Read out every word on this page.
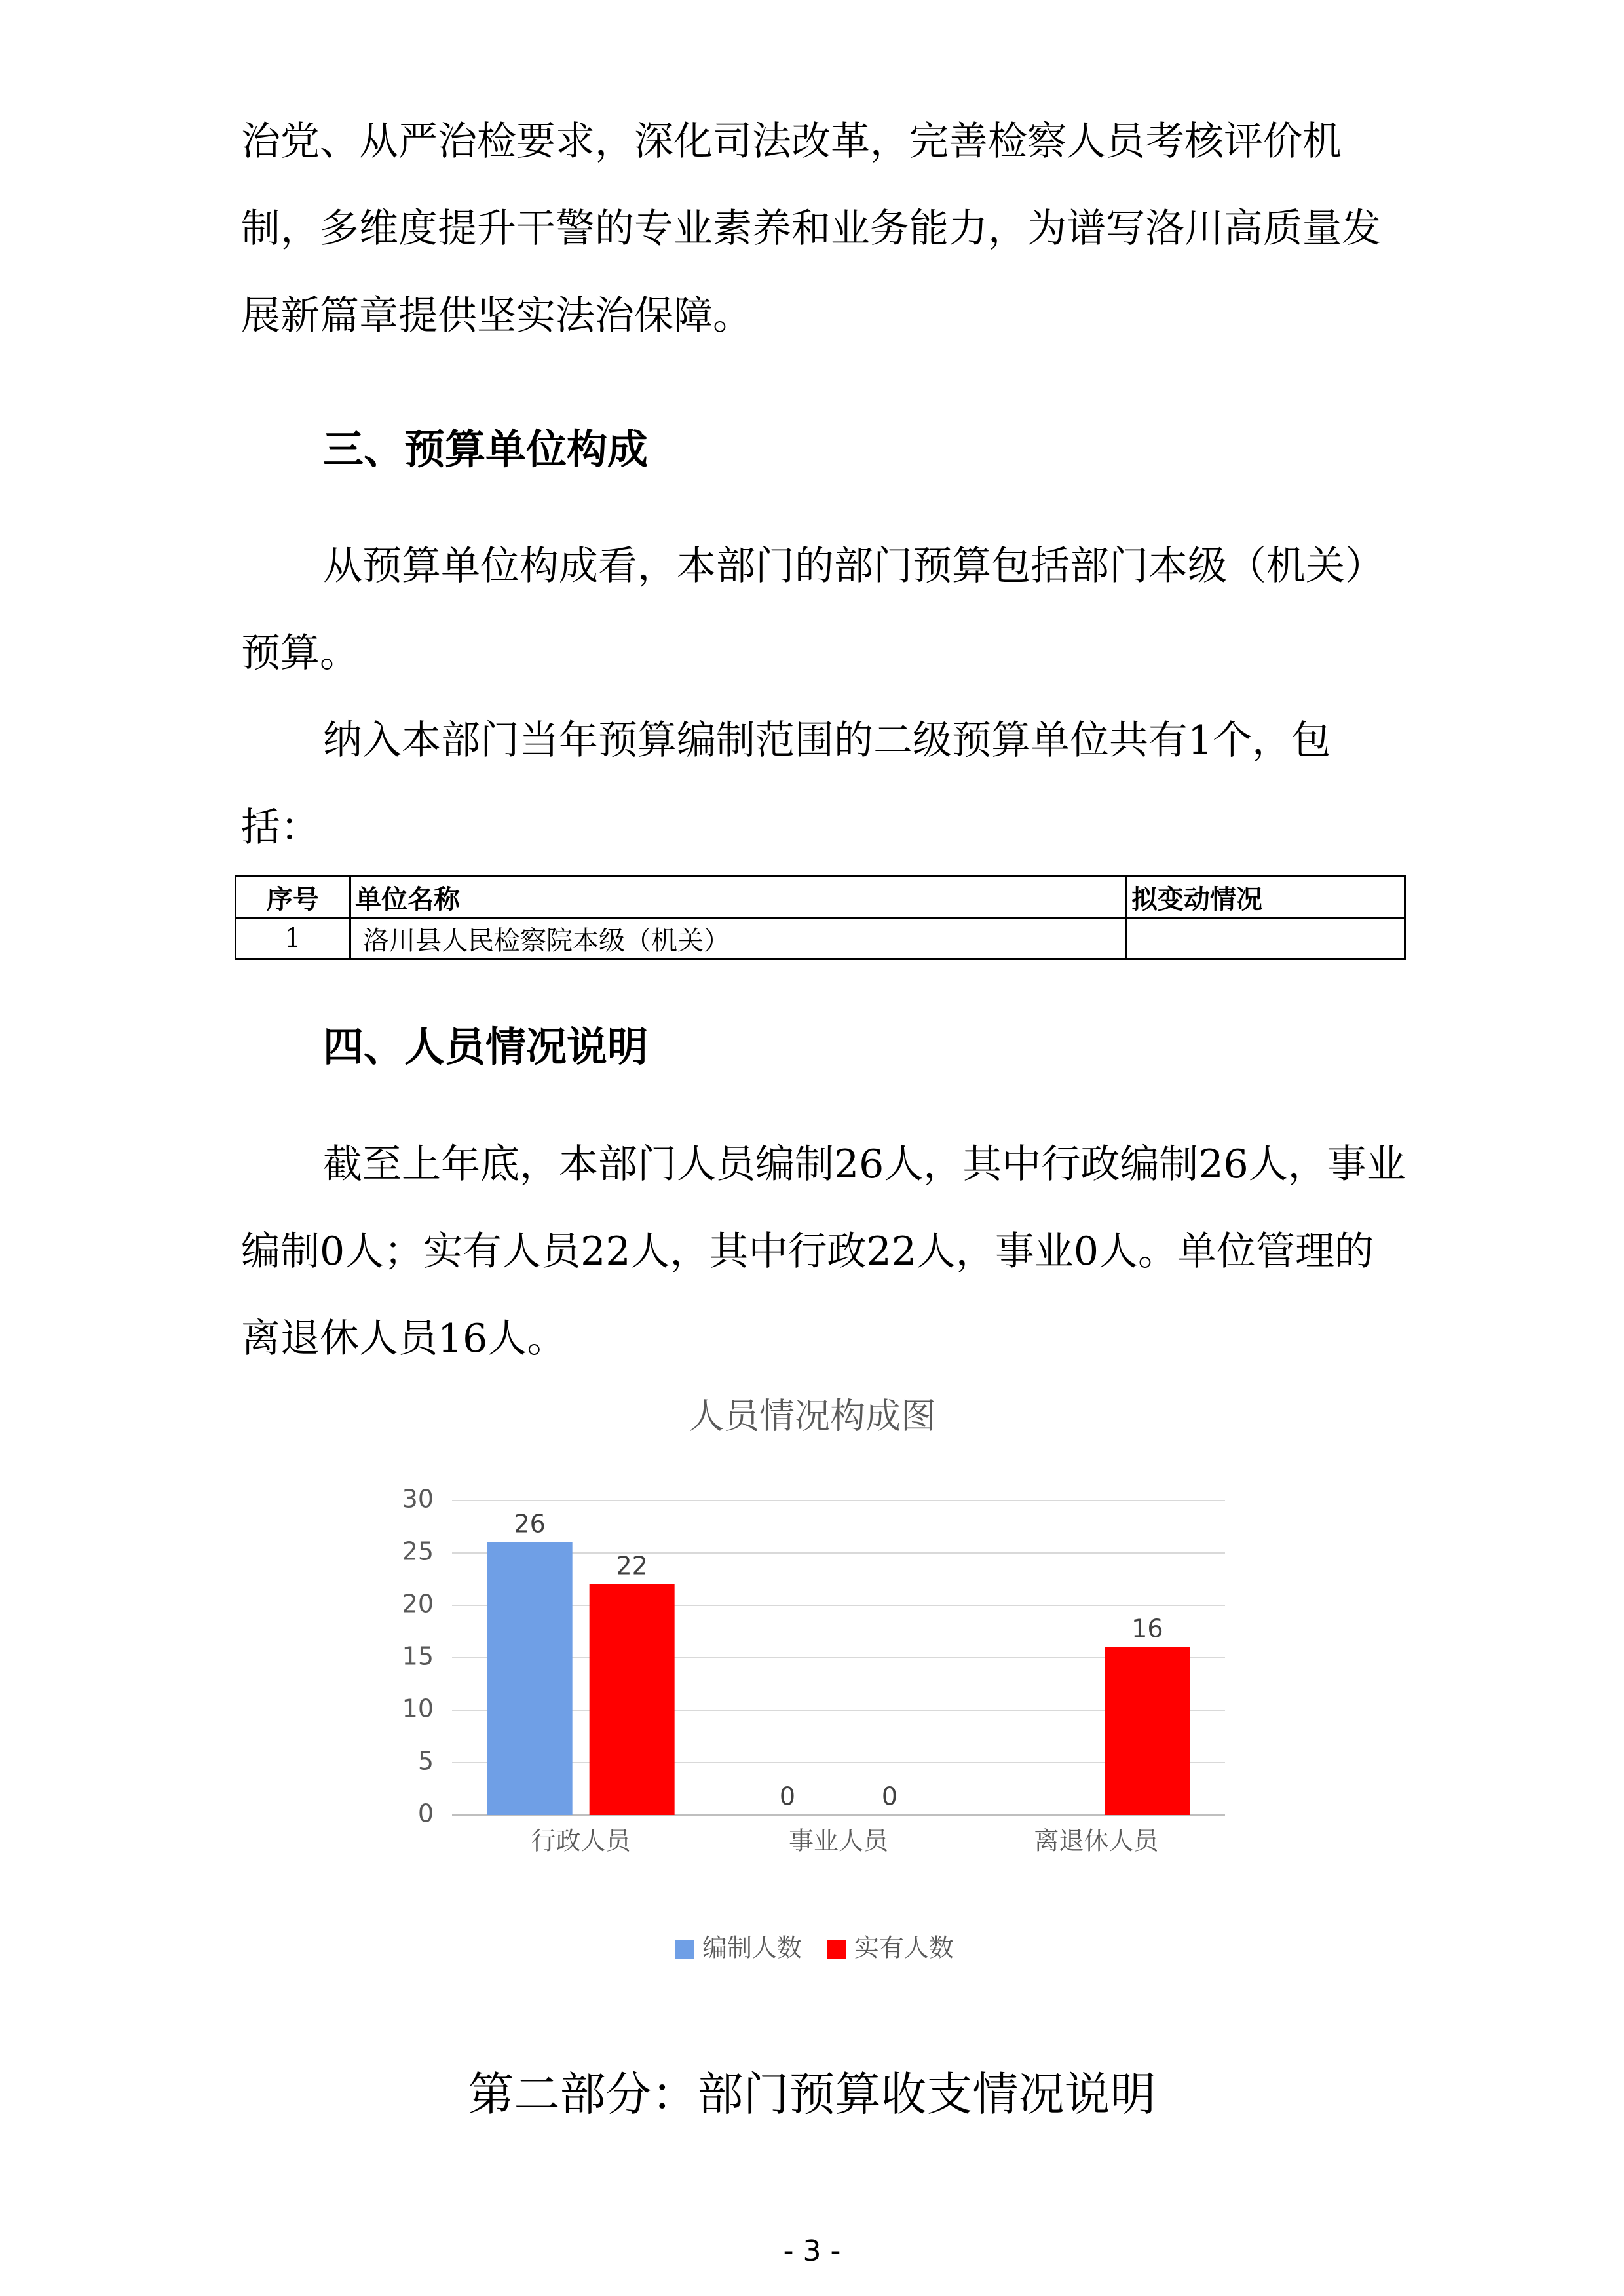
治党、从严治检要求，深化司法改革，完善检察人员考核评价机制，多维度提升干警的专业素养和业务能力，为谱写洛川高质量发展新篇章提供坚实法治保障。

三、预算单位构成

从预算单位构成看，本部门的部门预算包括部门本级（机关）预算。

纳入本部门当年预算编制范围的二级预算单位共有1个，包括：

序号	单位名称	拟变动情况
1	洛川县人民检察院本级（机关）	

四、人员情况说明

截至上年底，本部门人员编制26人，其中行政编制26人，事业编制0人；实有人员22人，其中行政22人，事业0人。单位管理的离退休人员16人。

人员情况构成图
0
5
10
15
20
25
30
26
22
行政人员
0	0
事业人员
16
离退休人员
编制人数 实有人数

第二部分：部门预算收支情况说明

- 3 -
